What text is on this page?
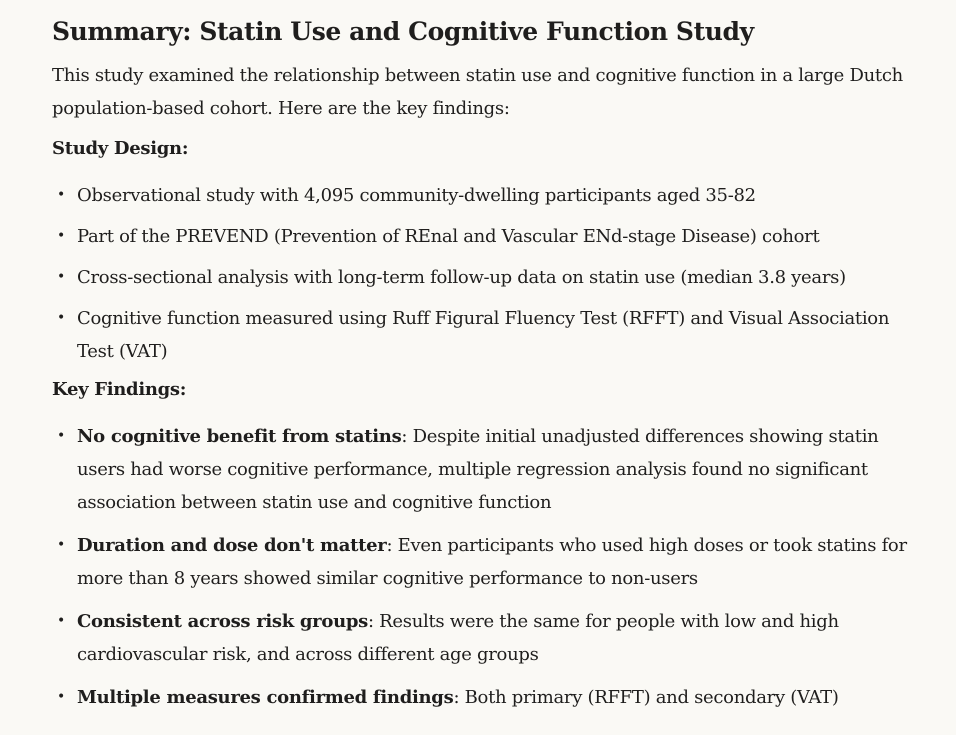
Summary: Statin Use and Cognitive Function Study

This study examined the relationship between statin use and cognitive function in a large Dutch population-based cohort. Here are the key findings:

Study Design:
• Observational study with 4,095 community-dwelling participants aged 35-82
• Part of the PREVEND (Prevention of REnal and Vascular ENd-stage Disease) cohort
• Cross-sectional analysis with long-term follow-up data on statin use (median 3.8 years)
• Cognitive function measured using Ruff Figural Fluency Test (RFFT) and Visual Association Test (VAT)
Key Findings:
• No cognitive benefit from statins: Despite initial unadjusted differences showing statin users had worse cognitive performance, multiple regression analysis found no significant association between statin use and cognitive function
• Duration and dose don't matter: Even participants who used high doses or took statins for more than 8 years showed similar cognitive performance to non-users
• Consistent across risk groups: Results were the same for people with low and high cardiovascular risk, and across different age groups
• Multiple measures confirmed findings: Both primary (RFFT) and secondary (VAT)
